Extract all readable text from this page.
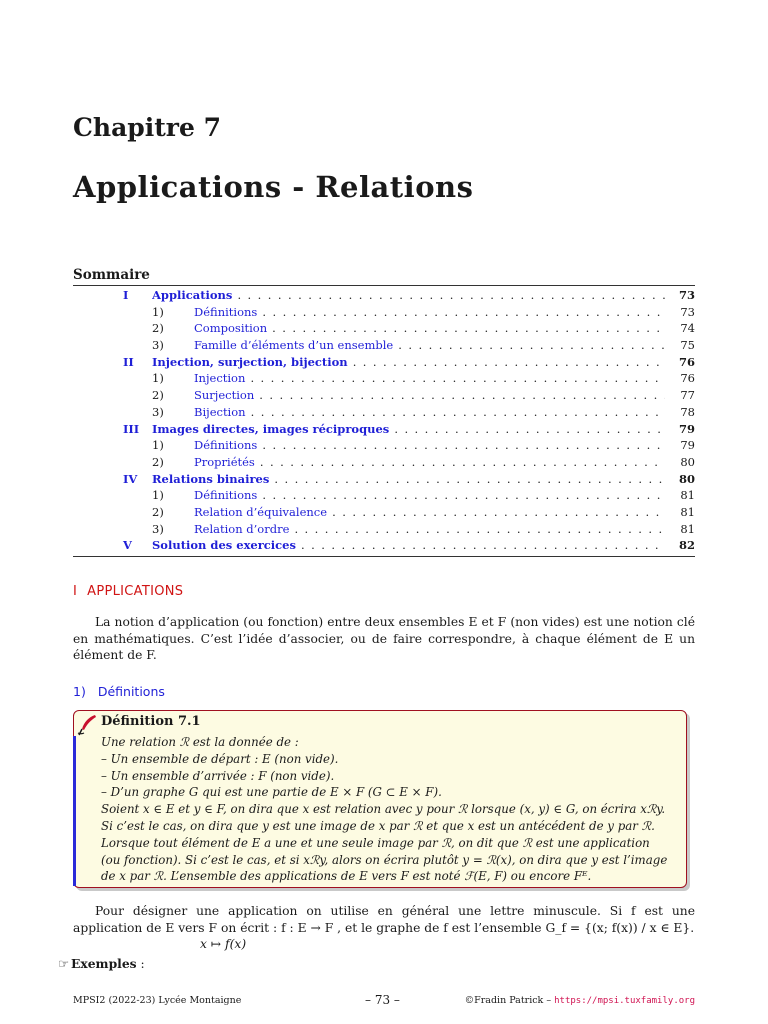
Chapitre 7
Applications - Relations
Sommaire
I Applications . . .	73
1)	Définitions . . .	73
2)	Composition . . .	74
3)	Famille d’éléments d’un ensemble . . .	75
II Injection, surjection, bijection . . .	76
1)	Injection . . .	76
2)	Surjection . . .	77
3)	Bijection . . .	78
III Images directes, images réciproques . . .	79
1)	Définitions . . .	79
2)	Propriétés . . .	80
IV Relations binaires . . .	80
1)	Définitions . . .	81
2)	Relation d’équivalence . . .	81
3)	Relation d’ordre . . .	81
V Solution des exercices . . .	82
I APPLICATIONS
La notion d’application (ou fonction) entre deux ensembles E et F (non vides) est une notion clé en mathématiques. C’est l’idée d’associer, ou de faire correspondre, à chaque élément de E un élément de F.
1) Définitions
Définition 7.1
Une relation ℛ est la donnée de :
– Un ensemble de départ : E (non vide).
– Un ensemble d’arrivée : F (non vide).
– D’un graphe G qui est une partie de E × F (G ⊂ E × F).
Soient x ∈ E et y ∈ F, on dira que x est relation avec y pour ℛ lorsque (x, y) ∈ G, on écrira xℛy.
Si c’est le cas, on dira que y est une image de x par ℛ et que x est un antécédent de y par ℛ.
Lorsque tout élément de E a une et une seule image par ℛ, on dit que ℛ est une application
(ou fonction). Si c’est le cas, et si xℛy, alors on écrira plutôt y = ℛ(x), on dira que y est l’image
de x par ℛ. L’ensemble des applications de E vers F est noté ℱ(E, F) ou encore Fᴱ.
Pour désigner une application on utilise en général une lettre minuscule. Si f est une application de E vers F on écrit : f : E → F , et le graphe de f est l’ensemble G_f = {(x; f(x)) / x ∈ E}.
x ↦ f(x)
☞ Exemples :
MPSI2 (2022-23) Lycée Montaigne	– 73 –	©Fradin Patrick – https://mpsi.tuxfamily.org
